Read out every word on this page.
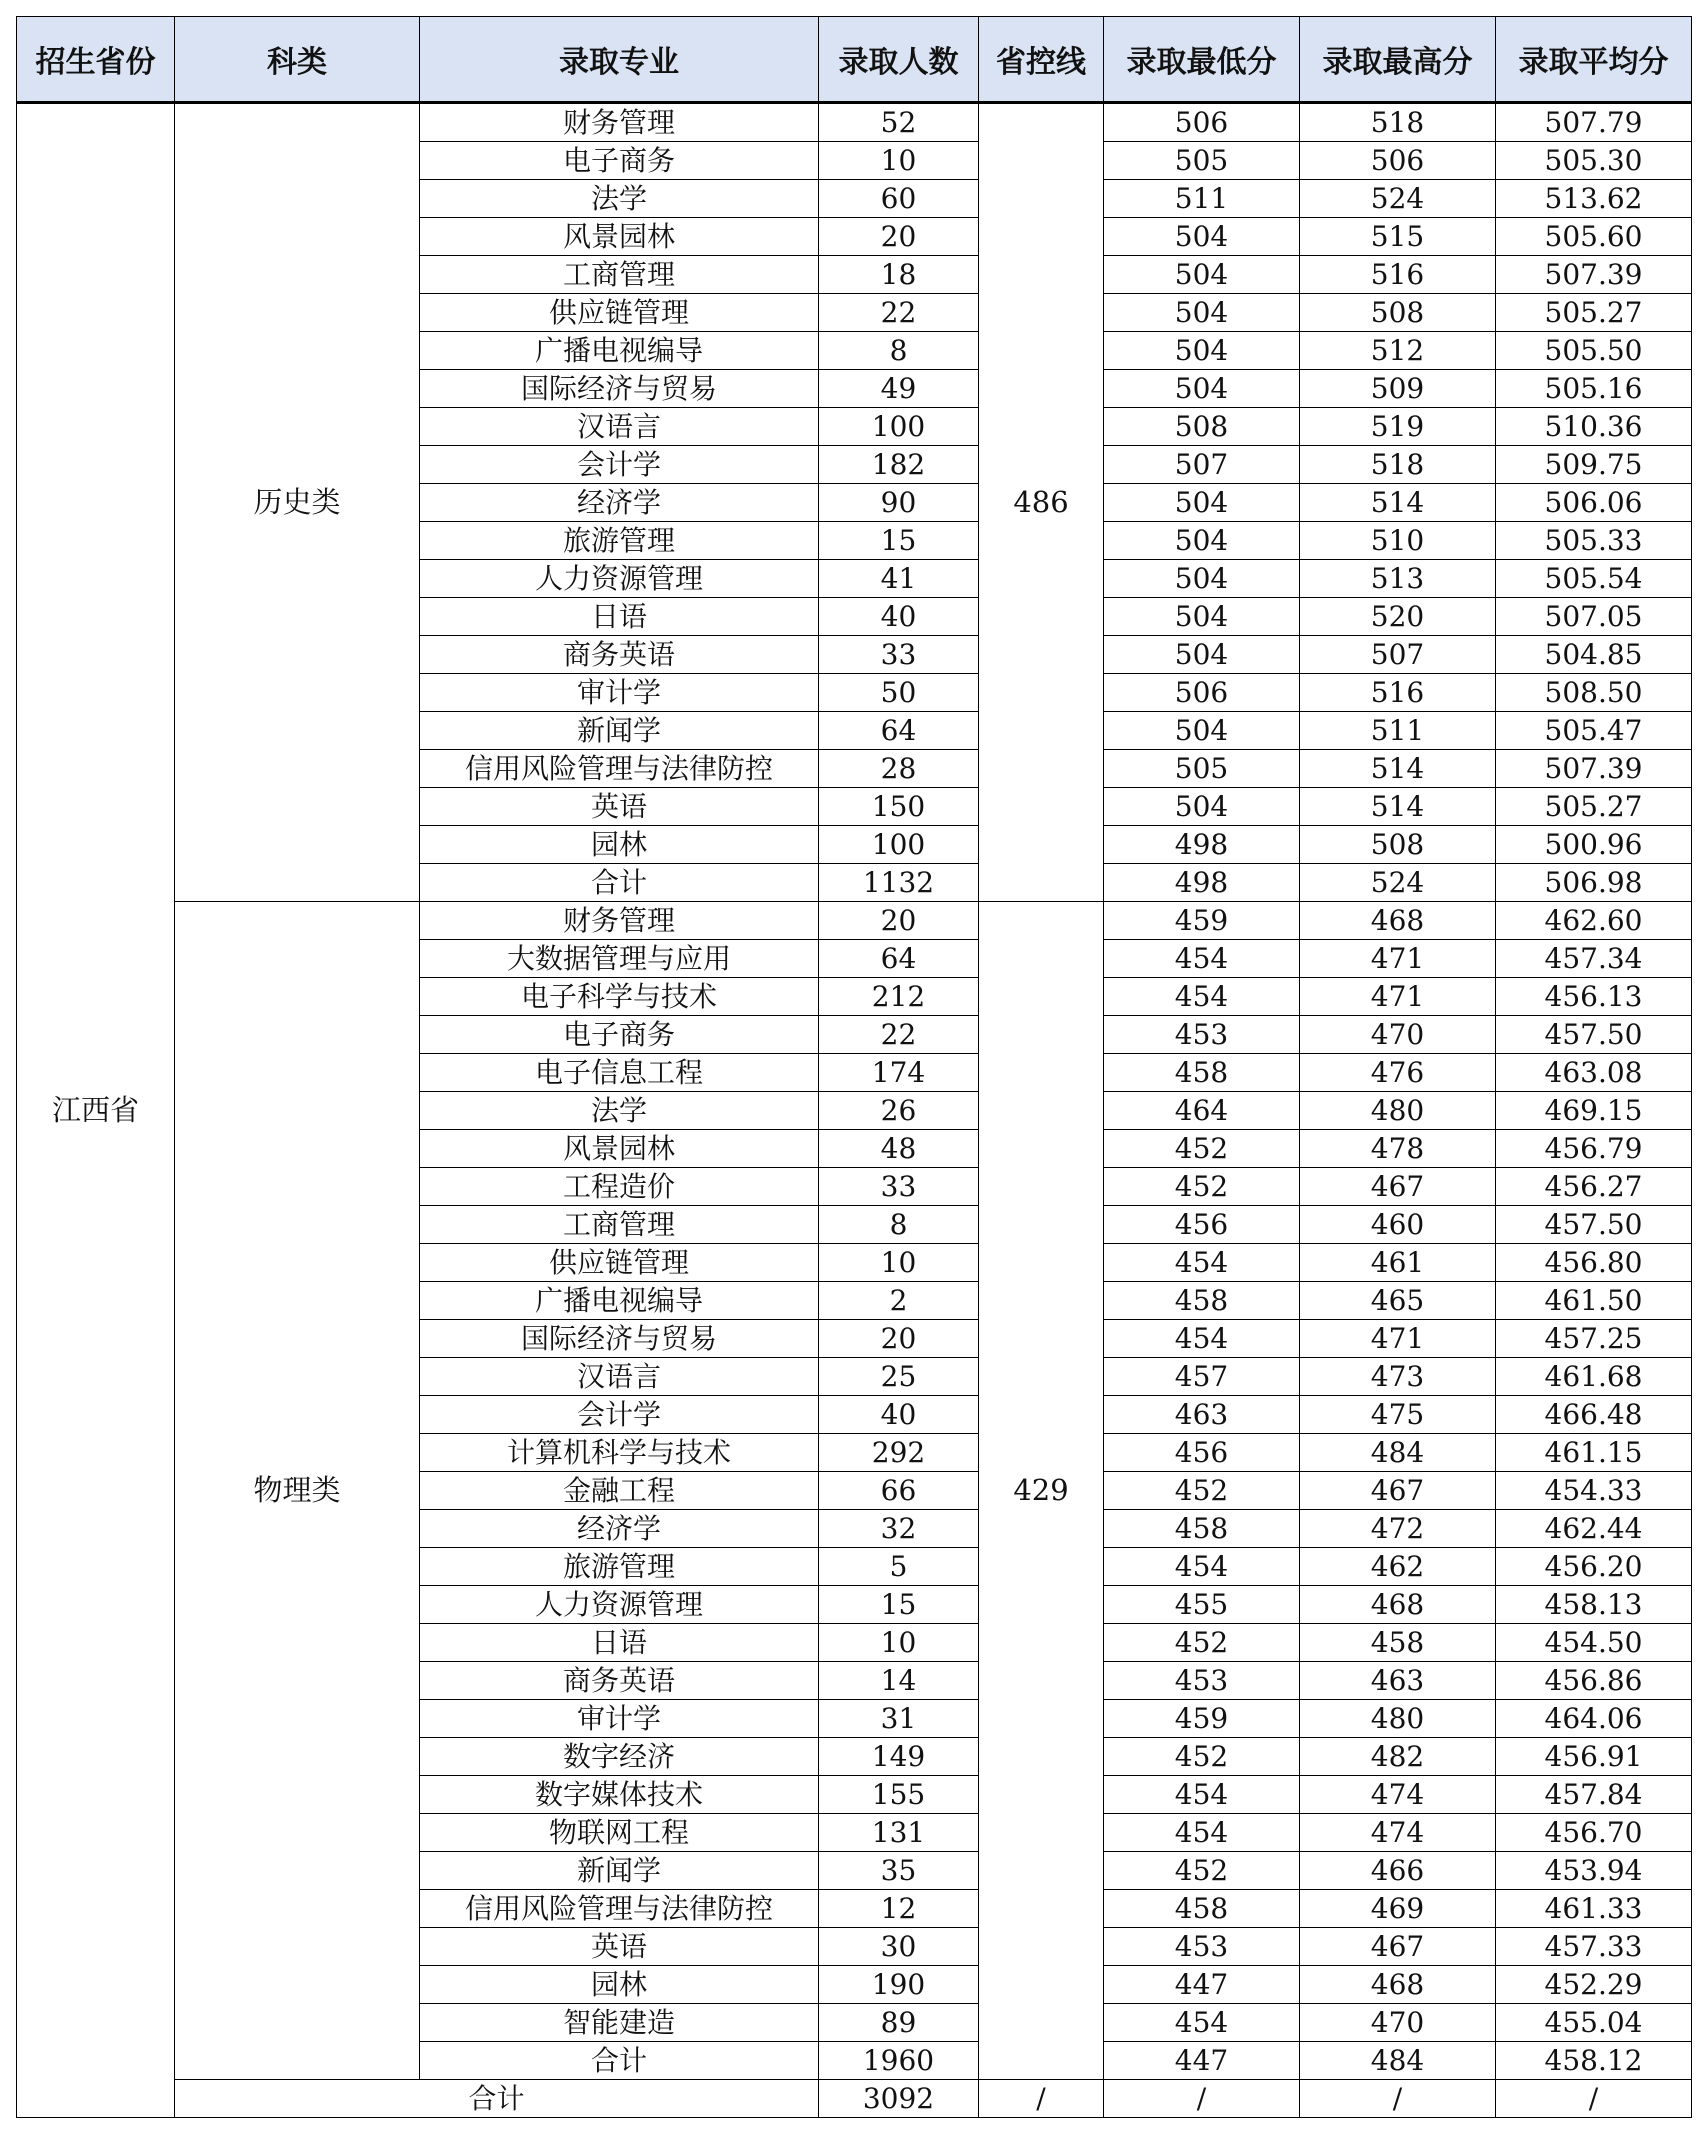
招生省份	科类	录取专业	录取人数	省控线	录取最低分	录取最高分	录取平均分
江西省	历史类	财务管理	52	486	506	518	507.79
		电子商务	10		505	506	505.30
		法学	60		511	524	513.62
		风景园林	20		504	515	505.60
		工商管理	18		504	516	507.39
		供应链管理	22		504	508	505.27
		广播电视编导	8		504	512	505.50
		国际经济与贸易	49		504	509	505.16
		汉语言	100		508	519	510.36
		会计学	182		507	518	509.75
		经济学	90		504	514	506.06
		旅游管理	15		504	510	505.33
		人力资源管理	41		504	513	505.54
		日语	40		504	520	507.05
		商务英语	33		504	507	504.85
		审计学	50		506	516	508.50
		新闻学	64		504	511	505.47
		信用风险管理与法律防控	28		505	514	507.39
		英语	150		504	514	505.27
		园林	100		498	508	500.96
		合计	1132		498	524	506.98
	物理类	财务管理	20	429	459	468	462.60
		大数据管理与应用	64		454	471	457.34
		电子科学与技术	212		454	471	456.13
		电子商务	22		453	470	457.50
		电子信息工程	174		458	476	463.08
		法学	26		464	480	469.15
		风景园林	48		452	478	456.79
		工程造价	33		452	467	456.27
		工商管理	8		456	460	457.50
		供应链管理	10		454	461	456.80
		广播电视编导	2		458	465	461.50
		国际经济与贸易	20		454	471	457.25
		汉语言	25		457	473	461.68
		会计学	40		463	475	466.48
		计算机科学与技术	292		456	484	461.15
		金融工程	66		452	467	454.33
		经济学	32		458	472	462.44
		旅游管理	5		454	462	456.20
		人力资源管理	15		455	468	458.13
		日语	10		452	458	454.50
		商务英语	14		453	463	456.86
		审计学	31		459	480	464.06
		数字经济	149		452	482	456.91
		数字媒体技术	155		454	474	457.84
		物联网工程	131		454	474	456.70
		新闻学	35		452	466	453.94
		信用风险管理与法律防控	12		458	469	461.33
		英语	30		453	467	457.33
		园林	190		447	468	452.29
		智能建造	89		454	470	455.04
		合计	1960		447	484	458.12
	合计		3092	/	/	/	/
